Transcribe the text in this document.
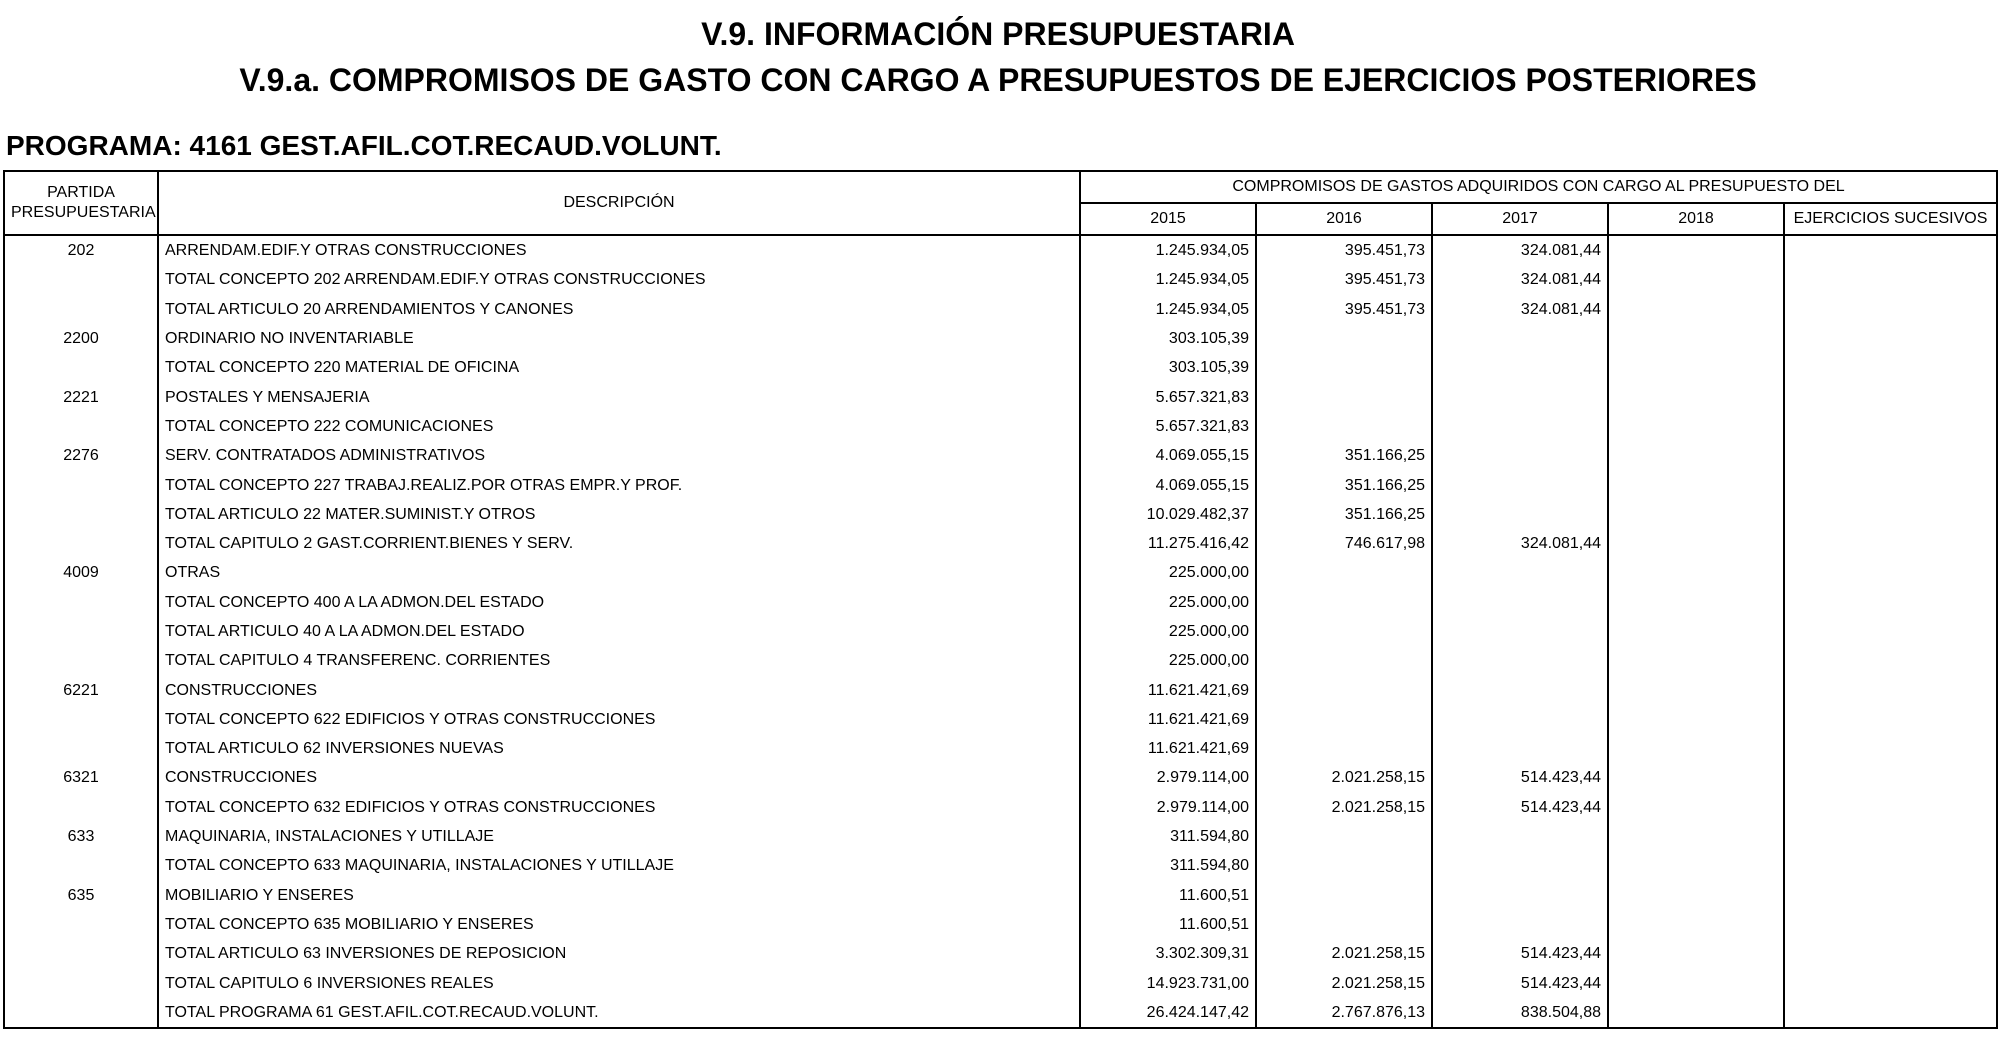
V.9. INFORMACIÓN PRESUPUESTARIA
V.9.a. COMPROMISOS DE GASTO CON CARGO A PRESUPUESTOS DE EJERCICIOS POSTERIORES
PROGRAMA: 4161 GEST.AFIL.COT.RECAUD.VOLUNT.
PARTIDA PRESUPUESTARIA	DESCRIPCIÓN	COMPROMISOS DE GASTOS ADQUIRIDOS CON CARGO AL PRESUPUESTO DEL				
		2015	2016	2017	2018	EJERCICIOS SUCESIVOS
202	ARRENDAM.EDIF.Y OTRAS CONSTRUCCIONES	1.245.934,05	395.451,73	324.081,44		
	TOTAL CONCEPTO 202 ARRENDAM.EDIF.Y OTRAS CONSTRUCCIONES	1.245.934,05	395.451,73	324.081,44		
	TOTAL ARTICULO 20 ARRENDAMIENTOS Y CANONES	1.245.934,05	395.451,73	324.081,44		
2200	ORDINARIO NO INVENTARIABLE	303.105,39				
	TOTAL CONCEPTO 220 MATERIAL DE OFICINA	303.105,39				
2221	POSTALES Y MENSAJERIA	5.657.321,83				
	TOTAL CONCEPTO 222 COMUNICACIONES	5.657.321,83				
2276	SERV. CONTRATADOS ADMINISTRATIVOS	4.069.055,15	351.166,25			
	TOTAL CONCEPTO 227 TRABAJ.REALIZ.POR OTRAS EMPR.Y PROF.	4.069.055,15	351.166,25			
	TOTAL ARTICULO 22 MATER.SUMINIST.Y OTROS	10.029.482,37	351.166,25			
	TOTAL CAPITULO 2 GAST.CORRIENT.BIENES Y SERV.	11.275.416,42	746.617,98	324.081,44		
4009	OTRAS	225.000,00				
	TOTAL CONCEPTO 400 A LA ADMON.DEL ESTADO	225.000,00				
	TOTAL ARTICULO 40 A LA ADMON.DEL ESTADO	225.000,00				
	TOTAL CAPITULO 4 TRANSFERENC. CORRIENTES	225.000,00				
6221	CONSTRUCCIONES	11.621.421,69				
	TOTAL CONCEPTO 622 EDIFICIOS Y OTRAS CONSTRUCCIONES	11.621.421,69				
	TOTAL ARTICULO 62 INVERSIONES NUEVAS	11.621.421,69				
6321	CONSTRUCCIONES	2.979.114,00	2.021.258,15	514.423,44		
	TOTAL CONCEPTO 632 EDIFICIOS Y OTRAS CONSTRUCCIONES	2.979.114,00	2.021.258,15	514.423,44		
633	MAQUINARIA, INSTALACIONES Y UTILLAJE	311.594,80				
	TOTAL CONCEPTO 633 MAQUINARIA, INSTALACIONES Y UTILLAJE	311.594,80				
635	MOBILIARIO Y ENSERES	11.600,51				
	TOTAL CONCEPTO 635 MOBILIARIO Y ENSERES	11.600,51				
	TOTAL ARTICULO 63 INVERSIONES DE REPOSICION	3.302.309,31	2.021.258,15	514.423,44		
	TOTAL CAPITULO 6 INVERSIONES REALES	14.923.731,00	2.021.258,15	514.423,44		
	TOTAL PROGRAMA 61 GEST.AFIL.COT.RECAUD.VOLUNT.	26.424.147,42	2.767.876,13	838.504,88		
